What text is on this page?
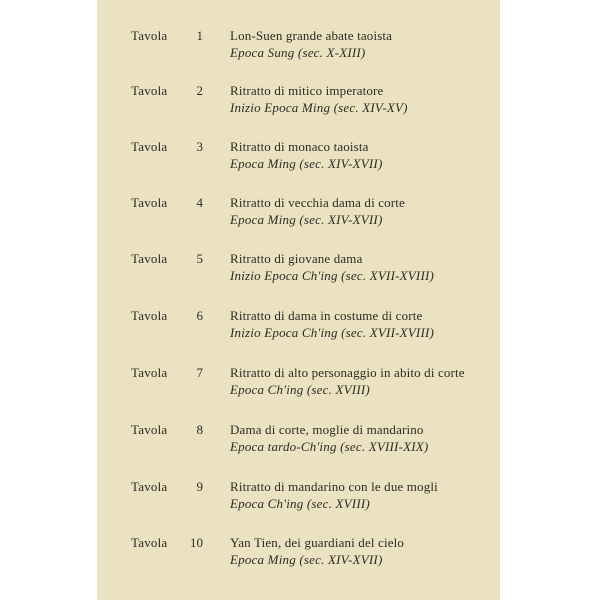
Tavola	1 Lon-Suen grande abate taoista
Epoca Sung (sec. X-XIII)
Tavola	2 Ritratto di mitico imperatore
Inizio Epoca Ming (sec. XIV-XV)
Tavola	3 Ritratto di monaco taoista
Epoca Ming (sec. XIV-XVII)
Tavola	4 Ritratto di vecchia dama di corte
Epoca Ming (sec. XIV-XVII)
Tavola	5 Ritratto di giovane dama
Inizio Epoca Ch'ing (sec. XVII-XVIII)
Tavola	6 Ritratto di dama in costume di corte
Inizio Epoca Ch'ing (sec. XVII-XVIII)
Tavola	7 Ritratto di alto personaggio in abito di corte
Epoca Ch'ing (sec. XVIII)
Tavola	8 Dama di corte, moglie di mandarino
Epoca tardo-Ch'ing (sec. XVIII-XIX)
Tavola	9 Ritratto di mandarino con le due mogli
Epoca Ch'ing (sec. XVIII)
Tavola	10 Yan Tien, dei guardiani del cielo
Epoca Ming (sec. XIV-XVII)
